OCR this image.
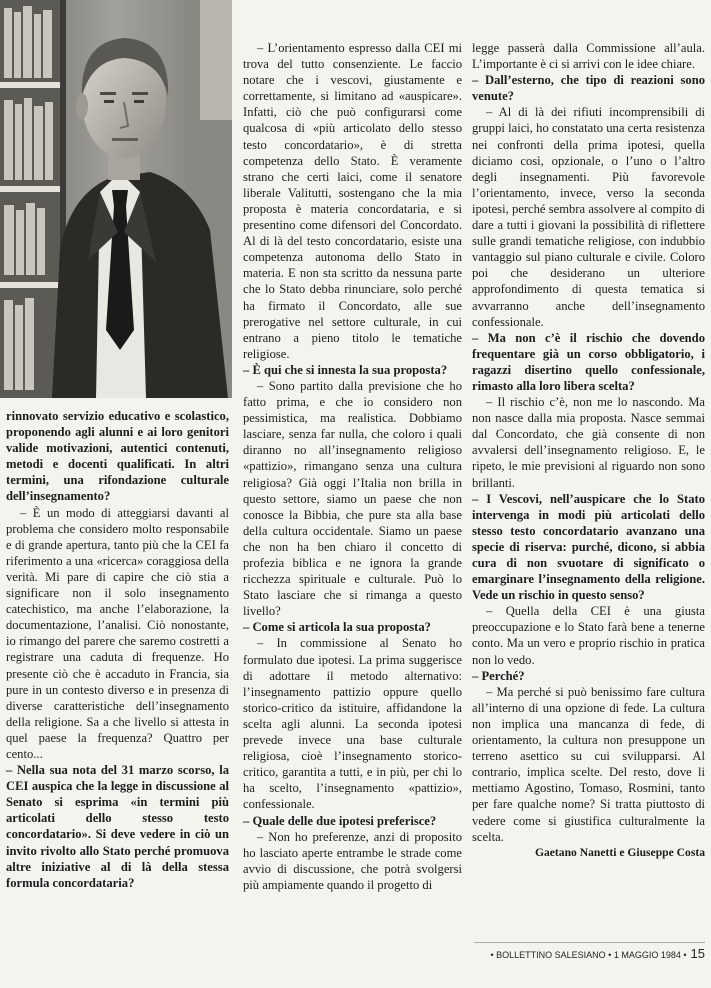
rinnovato servizio educativo e scolastico, proponendo agli alunni e ai loro genitori valide motivazioni, autentici contenuti, metodi e docenti qualificati. In altri termini, una rifondazione culturale dell’insegnamento?

– È un modo di atteggiarsi davanti al problema che considero molto responsabile e di grande apertura, tanto più che la CEI fa riferimento a una «ricerca» coraggiosa della verità. Mi pare di capire che ciò stia a significare non il solo insegnamento catechistico, ma anche l’elaborazione, la documentazione, l’analisi. Ciò nonostante, io rimango del parere che saremo costretti a registrare una caduta di frequenze. Ho presente ciò che è accaduto in Francia, sia pure in un contesto diverso e in presenza di diverse caratteristiche dell’insegnamento della religione. Sa a che livello si attesta in quel paese la frequenza? Quattro per cento...

– Nella sua nota del 31 marzo scorso, la CEI auspica che la legge in discussione al Senato si esprima «in termini più articolati dello stesso testo concordatario». Si deve vedere in ciò un invito rivolto allo Stato perché promuova altre iniziative al di là della stessa formula concordataria?

– L’orientamento espresso dalla CEI mi trova del tutto consenziente. Le faccio notare che i vescovi, giustamente e correttamente, si limitano ad «auspicare». Infatti, ciò che può configurarsi come qualcosa di «più articolato dello stesso testo concordatario», è di stretta competenza dello Stato. È veramente strano che certi laici, come il senatore liberale Valitutti, sostengano che la mia proposta è materia concordataria, e si presentino come difensori del Concordato. Al di là del testo concordatario, esiste una competenza autonoma dello Stato in materia. E non sta scritto da nessuna parte che lo Stato debba rinunciare, solo perché ha firmato il Concordato, alle sue prerogative nel settore culturale, in cui entrano a pieno titolo le tematiche religiose.

– È qui che si innesta la sua proposta?

– Sono partito dalla previsione che ho fatto prima, e che io considero non pessimistica, ma realistica. Dobbiamo lasciare, senza far nulla, che coloro i quali diranno no all’insegnamento religioso «pattizio», rimangano senza una cultura religiosa? Già oggi l’Italia non brilla in questo settore, siamo un paese che non conosce la Bibbia, che pure sta alla base della cultura occidentale. Siamo un paese che non ha ben chiaro il concetto di profezia biblica e ne ignora la grande ricchezza spirituale e culturale. Può lo Stato lasciare che si rimanga a questo livello?

– Come si articola la sua proposta?

– In commissione al Senato ho formulato due ipotesi. La prima suggerisce di adottare il metodo alternativo: l’insegnamento pattizio oppure quello storico-critico da istituire, affidandone la scelta agli alunni. La seconda ipotesi prevede invece una base culturale religiosa, cioè l’insegnamento storico-critico, garantita a tutti, e in più, per chi lo ha scelto, l’insegnamento «pattizio», confessionale.

– Quale delle due ipotesi preferisce?

– Non ho preferenze, anzi di proposito ho lasciato aperte entrambe le strade come avvio di discussione, che potrà svolgersi più ampiamente quando il progetto di

legge passerà dalla Commissione all’aula. L’importante è ci si arrivi con le idee chiare.

– Dall’esterno, che tipo di reazioni sono venute?

– Al di là dei rifiuti incomprensibili di gruppi laici, ho constatato una certa resistenza nei confronti della prima ipotesi, quella diciamo così, opzionale, o l’uno o l’altro degli insegnamenti. Più favorevole l’orientamento, invece, verso la seconda ipotesi, perché sembra assolvere al compito di dare a tutti i giovani la possibilità di riflettere sulle grandi tematiche religiose, con indubbio vantaggio sul piano culturale e civile. Coloro poi che desiderano un ulteriore approfondimento di questa tematica si avvarranno anche dell’insegnamento confessionale.

– Ma non c’è il rischio che dovendo frequentare già un corso obbligatorio, i ragazzi disertino quello confessionale, rimasto alla loro libera scelta?

– Il rischio c’è, non me lo nascondo. Ma non nasce dalla mia proposta. Nasce semmai dal Concordato, che già consente di non avvalersi dell’insegnamento religioso. E, le ripeto, le mie previsioni al riguardo non sono brillanti.

– I Vescovi, nell’auspicare che lo Stato intervenga in modi più articolati dello stesso testo concordatario avanzano una specie di riserva: purché, dicono, si abbia cura di non svuotare di significato o emarginare l’insegnamento della religione. Vede un rischio in questo senso?

– Quella della CEI è una giusta preoccupazione e lo Stato farà bene a tenerne conto. Ma un vero e proprio rischio in pratica non lo vedo.

– Perché?

– Ma perché si può benissimo fare cultura all’interno di una opzione di fede. La cultura non implica una mancanza di fede, di orientamento, la cultura non presuppone un terreno asettico su cui svilupparsi. Al contrario, implica scelte. Del resto, dove li mettiamo Agostino, Tomaso, Rosmini, tanto per fare qualche nome? Si tratta piuttosto di vedere come si giustifica culturalmente la scelta.

Gaetano Nanetti e Giuseppe Costa

• BOLLETTINO SALESIANO • 1 MAGGIO 1984 • 15
